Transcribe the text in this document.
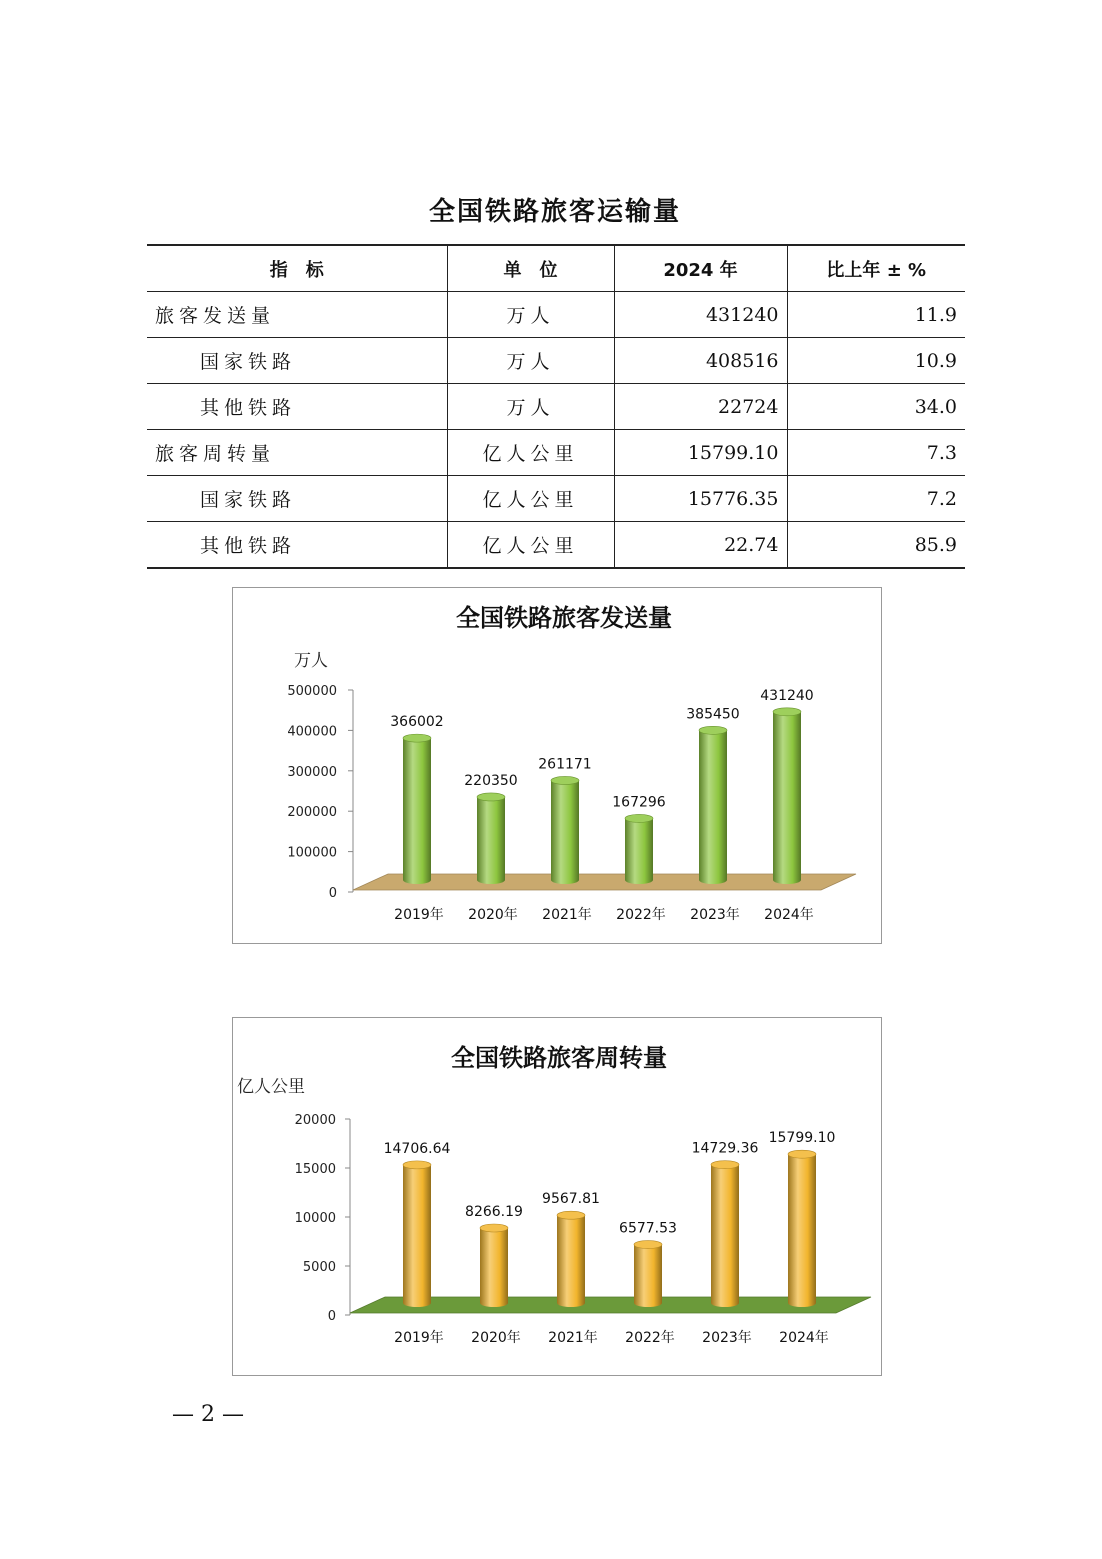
全国铁路旅客运输量
指　标	单　位	2024 年	比上年 ± %
旅客发送量	万人	431240	11.9
国家铁路	万人	408516	10.9
其他铁路	万人	22724	34.0
旅客周转量	亿人公里	15799.10	7.3
国家铁路	亿人公里	15776.35	7.2
其他铁路	亿人公里	22.74	85.9
全国铁路旅客发送量
万人
0
100000
200000
300000
400000
500000
366002
2019年
220350
2020年
261171
2021年
167296
2022年
385450
2023年
431240
2024年
全国铁路旅客周转量
亿人公里
0
5000
10000
15000
20000
14706.64
2019年
8266.19
2020年
9567.81
2021年
6577.53
2022年
14729.36
2023年
15799.10
2024年
— 2 —
